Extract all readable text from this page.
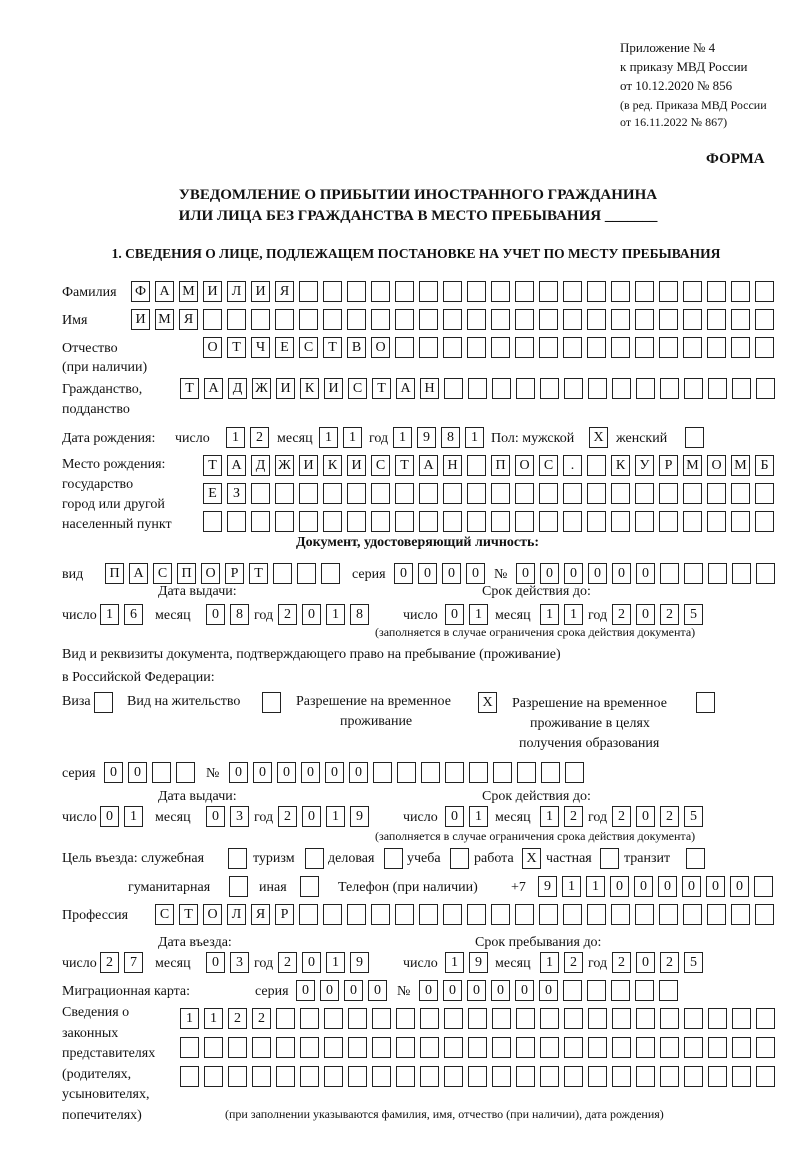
Приложение № 4
к приказу МВД России
от 10.12.2020 № 856
(в ред. Приказа МВД России
от 16.11.2022 № 867)
ФОРМА
УВЕДОМЛЕНИЕ О ПРИБЫТИИ ИНОСТРАННОГО ГРАЖДАНИНА
ИЛИ ЛИЦА БЕЗ ГРАЖДАНСТВА В МЕСТО ПРЕБЫВАНИЯ _______
1. СВЕДЕНИЯ О ЛИЦЕ, ПОДЛЕЖАЩЕМ ПОСТАНОВКЕ НА УЧЕТ ПО МЕСТУ ПРЕБЫВАНИЯ
Фамилия Ф А М И	Л	И	Я
Имя	И М Я
Отчество
(при наличии)
О	Т	Ч	Е	С	Т	В	О
Гражданство,
подданство
Т	А	Д Ж И	К	И	С	Т	А Н
Дата рождения: число	1	2	месяц 1	1 год 1	9	8	1 Пол: мужской	X женский
Место рождения:
государство
город или другой
населенный пункт
Т	А	Д Ж И	К	И	С	Т	А Н	П О	С	.	К	У	Р М О М Б
Е	З
Документ, удостоверяющий личность:
вид	П А	С	П О	Р	Т	серия	0	0	0	0	№	0	0	0	0	0	0
Дата выдачи:	Срок действия до:
число 1	6	месяц	0	8 год 2	0	1	8	число 0	1 месяц	1	1 год 2	0	2	5
(заполняется в случае ограничения срока действия документа)
Вид и реквизиты документа, подтверждающего право на пребывание (проживание)
в Российской Федерации:
Виза	Вид на жительство	Разрешение на временное
проживание
X	Разрешение на временное
проживание в целях
получения образования
серия	0	0	№	0	0	0	0	0	0
Дата выдачи:	Срок действия до:
число 0	1	месяц	0	3 год 2	0	1	9	число 0	1 месяц	1	2 год 2	0	2	5
(заполняется в случае ограничения срока действия документа)
Цель въезда: служебная	туризм деловая учеба работа X частная транзит
гуманитарная	иная	Телефон (при наличии) +7	9	1	1	0	0	0	0	0	0
Профессия	С	Т	О	Л	Я	Р
Дата въезда:	Срок пребывания до:
число 2	7	месяц	0	3 год 2	0	1	9	число 1	9 месяц	1	2 год 2	0	2	5
Миграционная карта:	серия 0	0	0	0	№	0	0	0	0	0	0
Сведения о
законных
представителях
(родителях,
усыновителях,
попечителях)
1	1	2	2
(при заполнении указываются фамилия, имя, отчество (при наличии), дата рождения)
